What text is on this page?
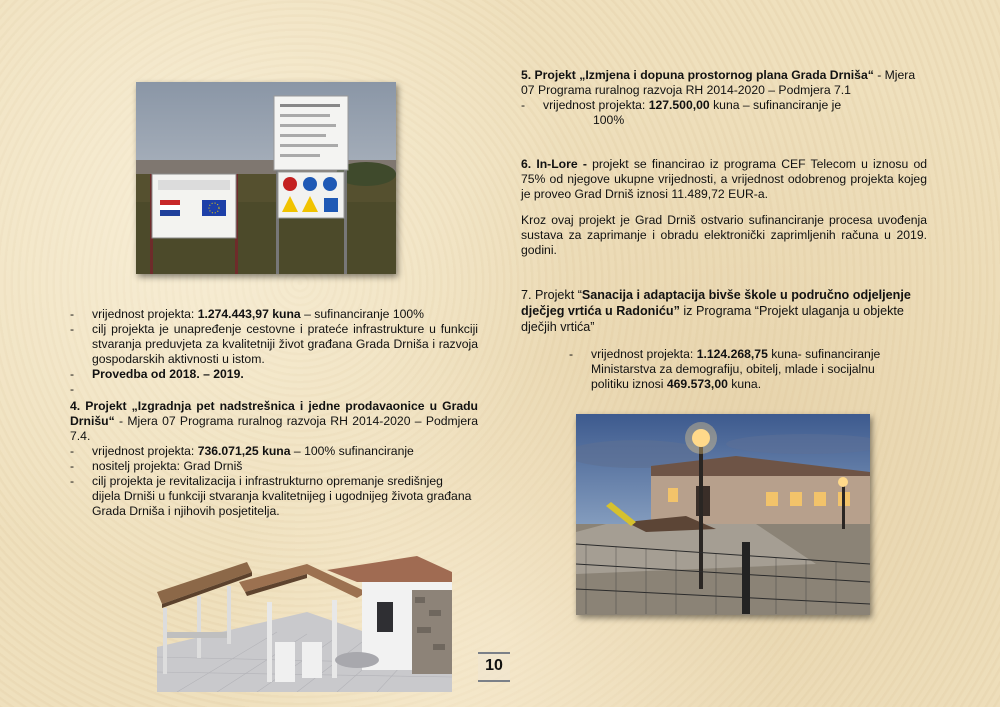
-	vrijednost projekta: 1.274.443,97 kuna – sufinanciranje 100%
-	cilj projekta je unapređenje cestovne i prateće infrastrukture u funkciji stvaranja preduvjeta za kvalitetniji život građana Grada Drniša i razvoja gospodarskih aktivnosti u istom.
-	Provedba od 2018. – 2019.
-
4. Projekt „Izgradnja pet nadstrešnica i jedne prodavaonice u Gradu Drnišu“ - Mjera 07 Programa ruralnog razvoja RH 2014-2020 – Podmjera 7.4.
-	vrijednost projekta: 736.071,25 kuna – 100% sufinanciranje
-	nositelj projekta: Grad Drniš
-	cilj projekta je revitalizacija i infrastrukturno opremanje središnjeg dijela Drniši u funkciji stvaranja kvalitetnijeg i ugodnijeg života građana Grada Drniša i njihovih posjetitelja.
5. Projekt „Izmjena i dopuna prostornog plana Grada Drniša“ - Mjera 07 Programa ruralnog razvoja RH 2014-2020 – Podmjera 7.1
-	vrijednost projekta: 127.500,00 kuna – sufinanciranje je
100%
6. In-Lore - projekt se financirao iz programa CEF Telecom u iznosu od 75% od njegove ukupne vrijednosti, a vrijednost odobrenog projekta kojeg je proveo Grad Drniš iznosi 11.489,72 EUR-a.
Kroz ovaj projekt je Grad Drniš ostvario sufinanciranje procesa uvođenja sustava za zaprimanje i obradu elektronički zaprimljenih računa u 2019. godini.
7. Projekt “Sanacija i adaptacija bivše škole u područno odjeljenje dječjeg vrtića u Radoniću” iz Programa “Projekt ulaganja u objekte dječjih vrtića”
-	vrijednost projekta: 1.124.268,75 kuna- sufinanciranje Ministarstva za demografiju, obitelj, mlade i socijalnu politiku iznosi 469.573,00 kuna.
10
